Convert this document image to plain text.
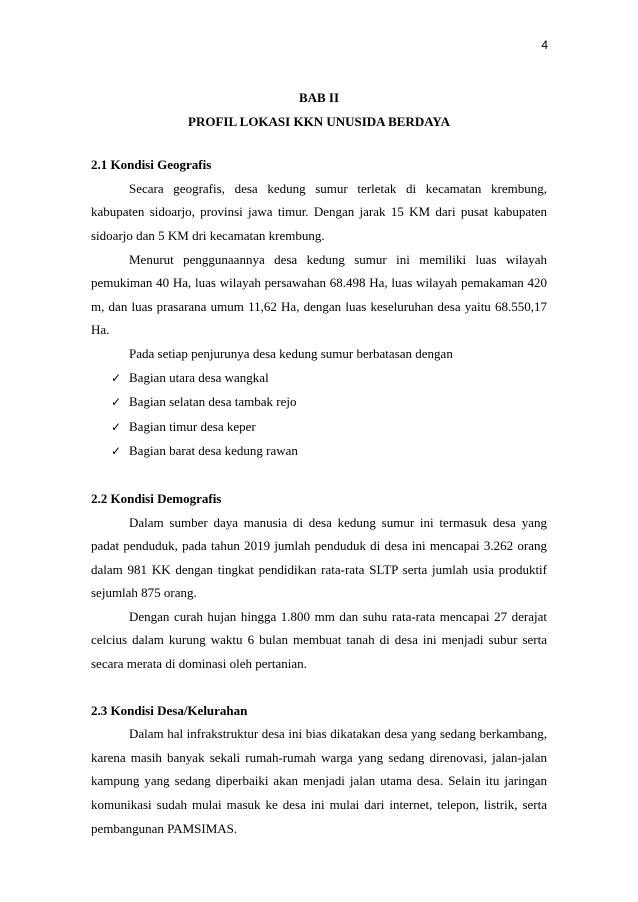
4
BAB II
PROFIL LOKASI KKN UNUSIDA BERDAYA
2.1 Kondisi Geografis

Secara geografis, desa kedung sumur terletak di kecamatan krembung, kabupaten sidoarjo, provinsi jawa timur. Dengan jarak 15 KM dari pusat kabupaten sidoarjo dan 5 KM dri kecamatan krembung.

Menurut penggunaannya desa kedung sumur ini memiliki luas wilayah pemukiman 40 Ha, luas wilayah persawahan 68.498 Ha, luas wilayah pemakaman 420 m, dan luas prasarana umum 11,62 Ha, dengan luas keseluruhan desa yaitu 68.550,17 Ha.

Pada setiap penjurunya desa kedung sumur berbatasan dengan

✓ Bagian utara desa wangkal
✓ Bagian selatan desa tambak rejo
✓ Bagian timur desa keper
✓ Bagian barat desa kedung rawan
2.2 Kondisi Demografis

Dalam sumber daya manusia di desa kedung sumur ini termasuk desa yang padat penduduk, pada tahun 2019 jumlah penduduk di desa ini mencapai 3.262 orang dalam 981 KK dengan tingkat pendidikan rata-rata SLTP serta jumlah usia produktif sejumlah 875 orang.

Dengan curah hujan hingga 1.800 mm dan suhu rata-rata mencapai 27 derajat celcius dalam kurung waktu 6 bulan membuat tanah di desa ini menjadi subur serta secara merata di dominasi oleh pertanian.

2.3 Kondisi Desa/Kelurahan

Dalam hal infrakstruktur desa ini bias dikatakan desa yang sedang berkambang, karena masih banyak sekali rumah-rumah warga yang sedang direnovasi, jalan-jalan kampung yang sedang diperbaiki akan menjadi jalan utama desa. Selain itu jaringan komunikasi sudah mulai masuk ke desa ini mulai dari internet, telepon, listrik, serta pembangunan PAMSIMAS.
